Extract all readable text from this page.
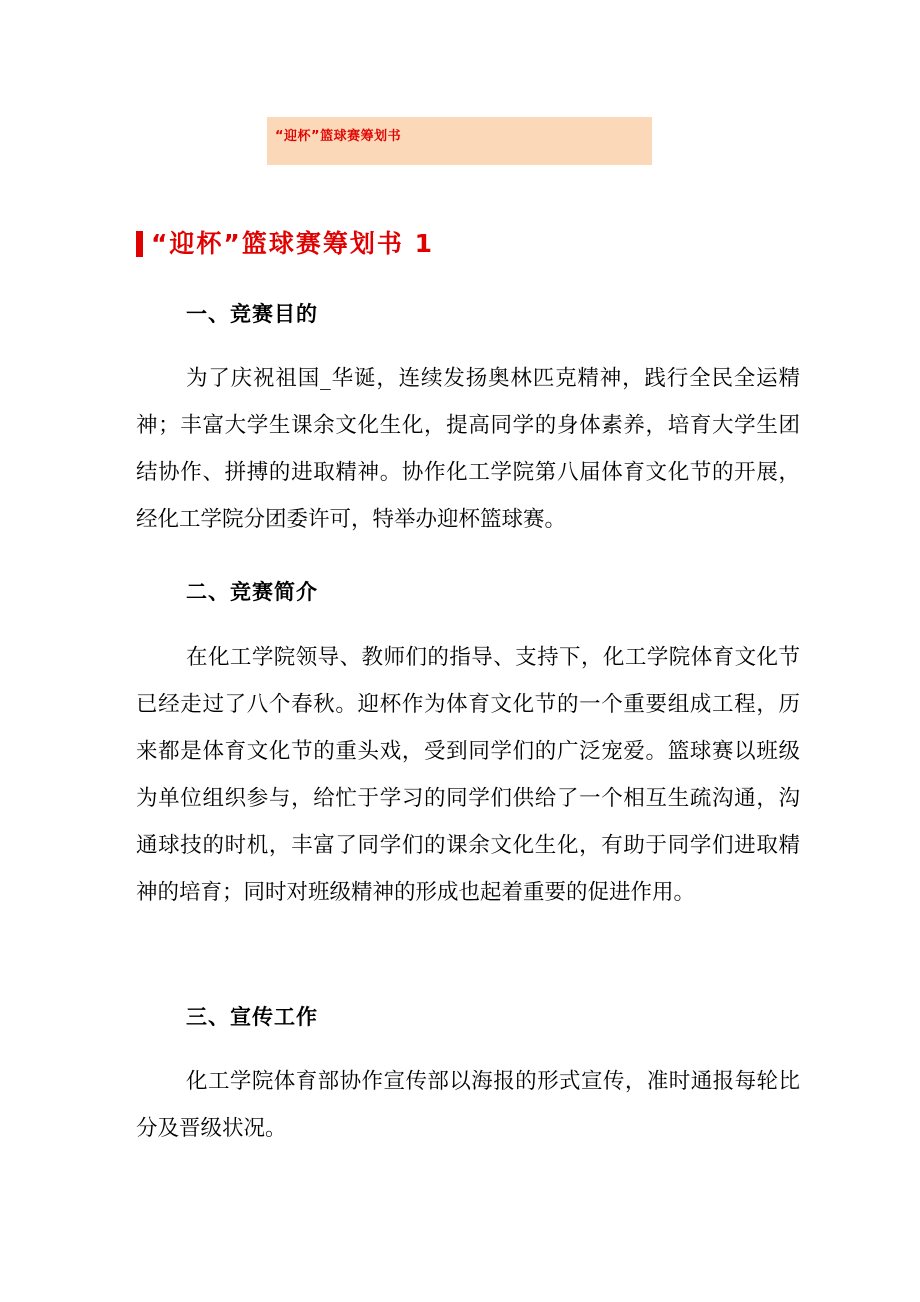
“迎杯”篮球赛筹划书
“迎杯”篮球赛筹划书 1
一、竞赛目的

为了庆祝祖国_华诞，连续发扬奥林匹克精神，践行全民全运精神；丰富大学生课余文化生化，提高同学的身体素养，培育大学生团结协作、拼搏的进取精神。协作化工学院第八届体育文化节的开展，经化工学院分团委许可，特举办迎杯篮球赛。

二、竞赛简介

在化工学院领导、教师们的指导、支持下，化工学院体育文化节已经走过了八个春秋。迎杯作为体育文化节的一个重要组成工程，历来都是体育文化节的重头戏，受到同学们的广泛宠爱。篮球赛以班级为单位组织参与，给忙于学习的同学们供给了一个相互生疏沟通，沟通球技的时机，丰富了同学们的课余文化生化，有助于同学们进取精神的培育；同时对班级精神的形成也起着重要的促进作用。

三、宣传工作

化工学院体育部协作宣传部以海报的形式宣传，准时通报每轮比分及晋级状况。
